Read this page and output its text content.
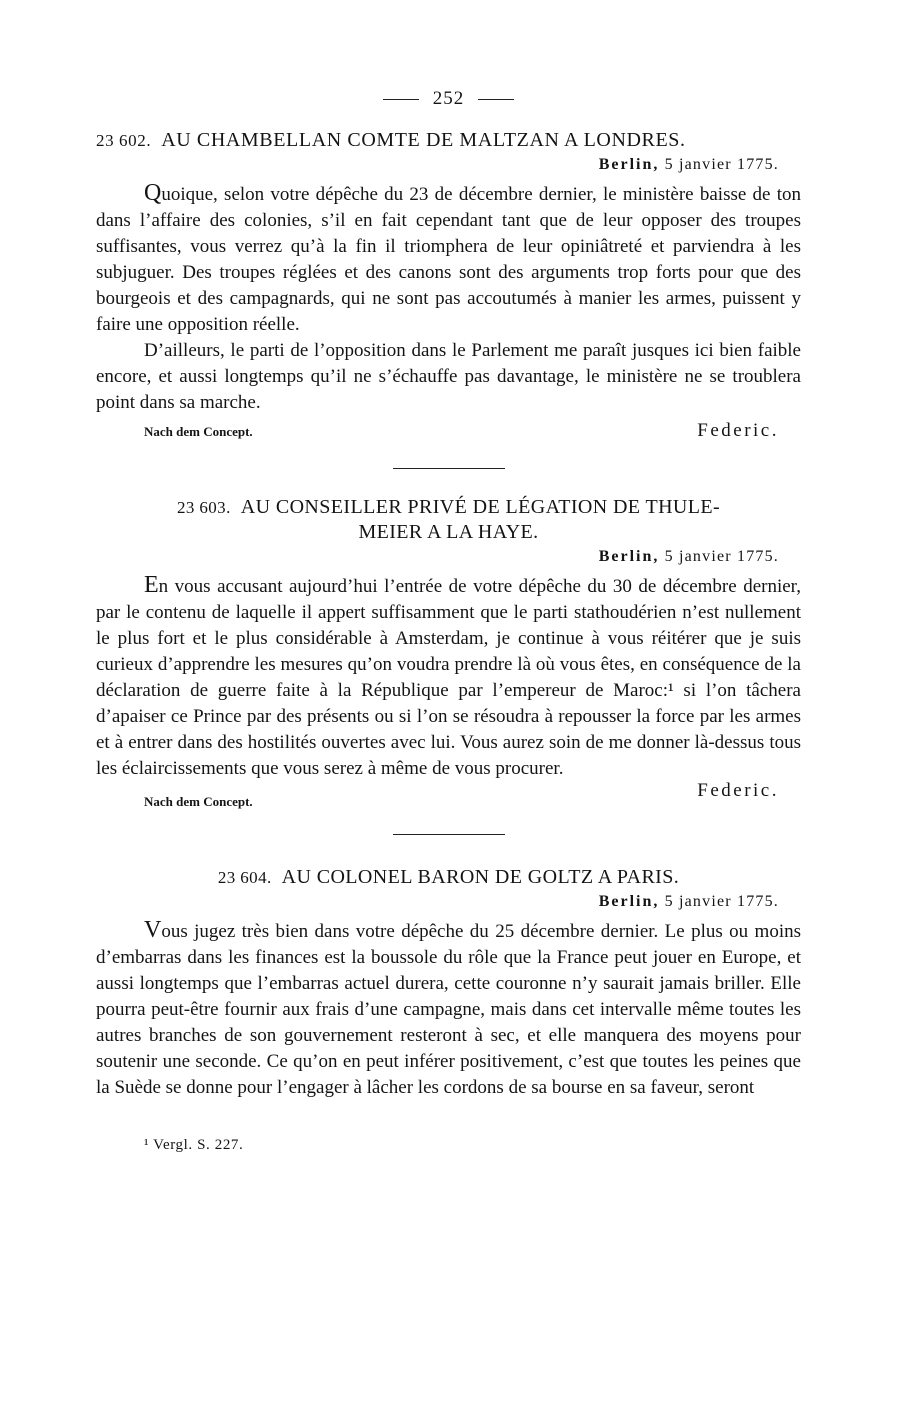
252

23 602. AU CHAMBELLAN COMTE DE MALTZAN A LONDRES.

Berlin, 5 janvier 1775.

Quoique, selon votre dépêche du 23 de décembre dernier, le ministère baisse de ton dans l’affaire des colonies, s’il en fait cependant tant que de leur opposer des troupes suffisantes, vous verrez qu’à la fin il triomphera de leur opiniâtreté et parviendra à les subjuguer. Des troupes réglées et des canons sont des arguments trop forts pour que des bourgeois et des campagnards, qui ne sont pas accoutumés à manier les armes, puissent y faire une opposition réelle.

D’ailleurs, le parti de l’opposition dans le Parlement me paraît jusques ici bien faible encore, et aussi longtemps qu’il ne s’échauffe pas davantage, le ministère ne se troublera point dans sa marche.

Nach dem Concept.	Federic.

23 603. AU CONSEILLER PRIVÉ DE LÉGATION DE THULE-

MEIER A LA HAYE.

Berlin, 5 janvier 1775.

En vous accusant aujourd’hui l’entrée de votre dépêche du 30 de décembre dernier, par le contenu de laquelle il appert suffisamment que le parti stathoudérien n’est nullement le plus fort et le plus considérable à Amsterdam, je continue à vous réitérer que je suis curieux d’apprendre les mesures qu’on voudra prendre là où vous êtes, en conséquence de la déclaration de guerre faite à la République par l’empereur de Maroc:¹ si l’on tâchera d’apaiser ce Prince par des présents ou si l’on se résoudra à repousser la force par les armes et à entrer dans des hostilités ouvertes avec lui. Vous aurez soin de me donner là-dessus tous les éclaircissements que vous serez à même de vous procurer.

Nach dem Concept.
Federic.

23 604. AU COLONEL BARON DE GOLTZ A PARIS.

Berlin, 5 janvier 1775.

Vous jugez très bien dans votre dépêche du 25 décembre dernier. Le plus ou moins d’embarras dans les finances est la boussole du rôle que la France peut jouer en Europe, et aussi longtemps que l’embarras actuel durera, cette couronne n’y saurait jamais briller. Elle pourra peut-être fournir aux frais d’une campagne, mais dans cet intervalle même toutes les autres branches de son gouvernement resteront à sec, et elle manquera des moyens pour soutenir une seconde. Ce qu’on en peut inférer positivement, c’est que toutes les peines que la Suède se donne pour l’engager à lâcher les cordons de sa bourse en sa faveur, seront

¹ Vergl. S. 227.
